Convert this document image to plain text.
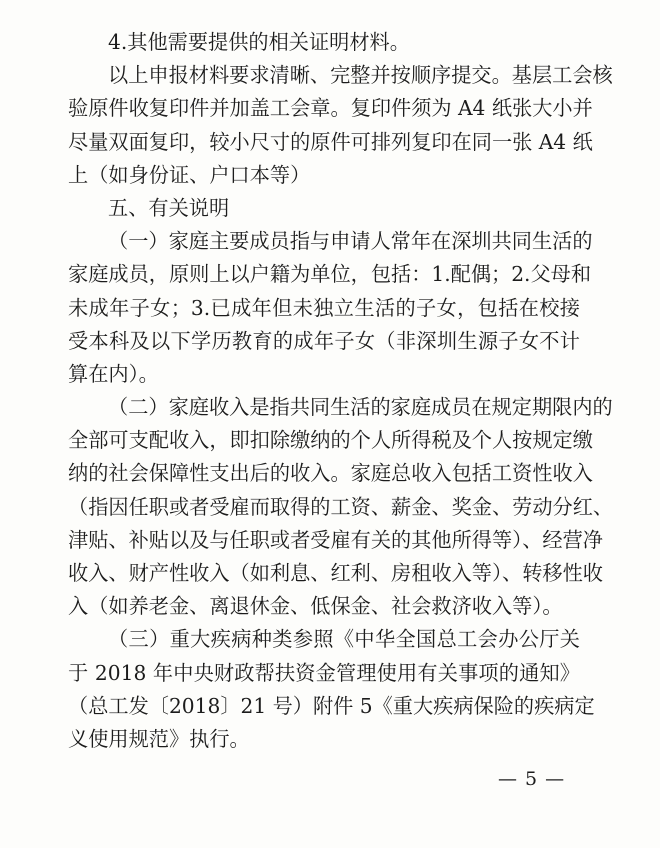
4.其他需要提供的相关证明材料。
以上申报材料要求清晰、完整并按顺序提交。基层工会核
验原件收复印件并加盖工会章。复印件须为 A4 纸张大小并
尽量双面复印，较小尺寸的原件可排列复印在同一张 A4 纸
上（如身份证、户口本等）
五、有关说明
（一）家庭主要成员指与申请人常年在深圳共同生活的
家庭成员，原则上以户籍为单位，包括：1.配偶；2.父母和
未成年子女；3.已成年但未独立生活的子女，包括在校接
受本科及以下学历教育的成年子女（非深圳生源子女不计
算在内）。
（二）家庭收入是指共同生活的家庭成员在规定期限内的
全部可支配收入，即扣除缴纳的个人所得税及个人按规定缴
纳的社会保障性支出后的收入。家庭总收入包括工资性收入
（指因任职或者受雇而取得的工资、薪金、奖金、劳动分红、
津贴、补贴以及与任职或者受雇有关的其他所得等）、经营净
收入、财产性收入（如利息、红利、房租收入等）、转移性收
入（如养老金、离退休金、低保金、社会救济收入等）。
（三）重大疾病种类参照《中华全国总工会办公厅关
于 2018 年中央财政帮扶资金管理使用有关事项的通知》
（总工发〔2018〕21 号）附件 5《重大疾病保险的疾病定
义使用规范》执行。
— 5 —
